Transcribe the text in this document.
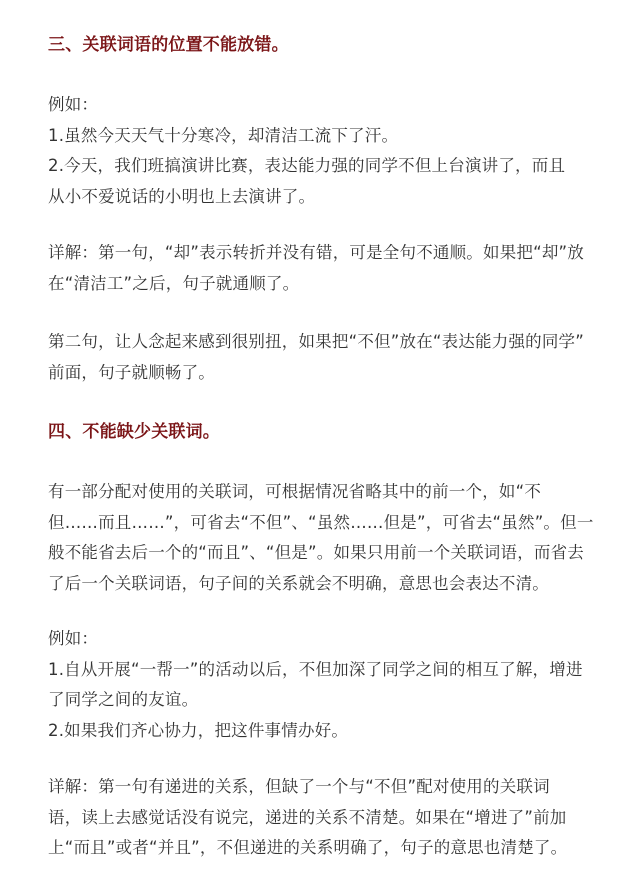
三、关联词语的位置不能放错。
例如：
1.虽然今天天气十分寒冷，却清洁工流下了汗。
2.今天，我们班搞演讲比赛，表达能力强的同学不但上台演讲了，而且
从小不爱说话的小明也上去演讲了。
详解：第一句，“却”表示转折并没有错，可是全句不通顺。如果把“却”放
在“清洁工”之后，句子就通顺了。
第二句，让人念起来感到很别扭，如果把“不但”放在“表达能力强的同学”
前面，句子就顺畅了。
四、不能缺少关联词。
有一部分配对使用的关联词，可根据情况省略其中的前一个，如“不
但……而且……”，可省去“不但”、“虽然……但是”，可省去“虽然”。但一
般不能省去后一个的“而且”、“但是”。如果只用前一个关联词语，而省去
了后一个关联词语，句子间的关系就会不明确，意思也会表达不清。
例如：
1.自从开展“一帮一”的活动以后，不但加深了同学之间的相互了解，增进
了同学之间的友谊。
2.如果我们齐心协力，把这件事情办好。
详解：第一句有递进的关系，但缺了一个与“不但”配对使用的关联词
语，读上去感觉话没有说完，递进的关系不清楚。如果在“增进了”前加
上“而且”或者“并且”，不但递进的关系明确了，句子的意思也清楚了。
